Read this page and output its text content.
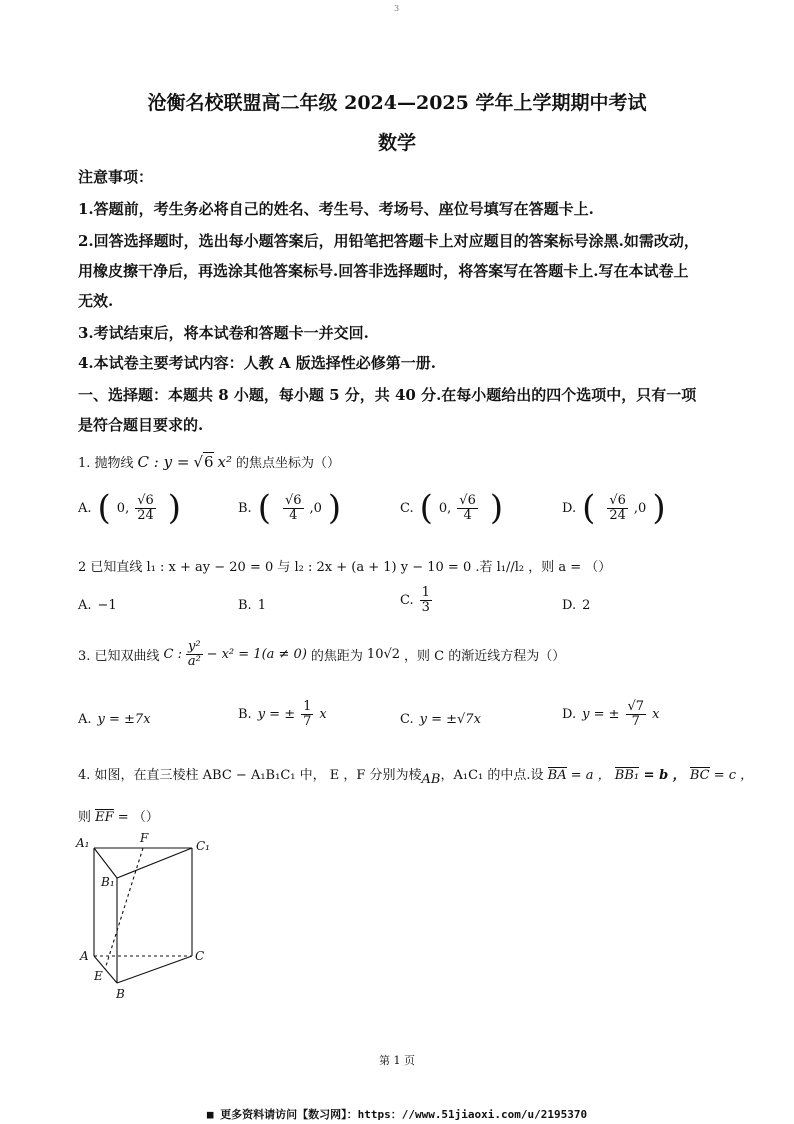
3
沧衡名校联盟高二年级 2024—2025 学年上学期期中考试
数学
注意事项：
1.答题前，考生务必将自己的姓名、考生号、考场号、座位号填写在答题卡上.
2.回答选择题时，选出每小题答案后，用铅笔把答题卡上对应题目的答案标号涂黑.如需改动，
用橡皮擦干净后，再选涂其他答案标号.回答非选择题时，将答案写在答题卡上.写在本试卷上
无效.
3.考试结束后，将本试卷和答题卡一并交回.
4.本试卷主要考试内容：人教 A 版选择性必修第一册.
一、选择题：本题共 8 小题，每小题 5 分，共 40 分.在每小题给出的四个选项中，只有一项
是符合题目要求的.
1. 抛物线 C : y = √6 x² 的焦点坐标为（）
A. ( 0, $\frac{√6}{24}$ )	B. ( $\frac{√6}{4} ,0$ )	C. ( 0, $\frac{√6}{4}$ )	D. ( $\frac{√6}{24} ,0$ )
2 已知直线 l₁ : x + ay − 20 = 0 与 l₂ : 2x + (a + 1) y − 10 = 0 .若 l₁//l₂ ，则 a = （）
A. −1	B. 1	C. $\frac{1}{3}$	D. 2
3. 已知双曲线 C : $\frac{\text{y²}}{\text{a²}} - x^2 = 1(a \ne 0)$ 的焦距为 10√2 ，则 C 的渐近线方程为（）
A. y = ±7x	B. y = ± $\frac{1}{7}$ x	C. y = ±√7x	D. y = ± $\frac{√7}{7}$ x
4. 如图，在直三棱柱 ABC − A₁B₁C₁ 中， E ，F 分别为棱AB，A₁C₁ 的中点.设 BA = a ， BB₁ = b ， BC = c ，
则 EF = （）
A₁	F
C₁
B₁
A	C
E
B
第 1 页
■ 更多资料请访问【数习网】：https：//www.51jiaoxi.com/u/2195370
